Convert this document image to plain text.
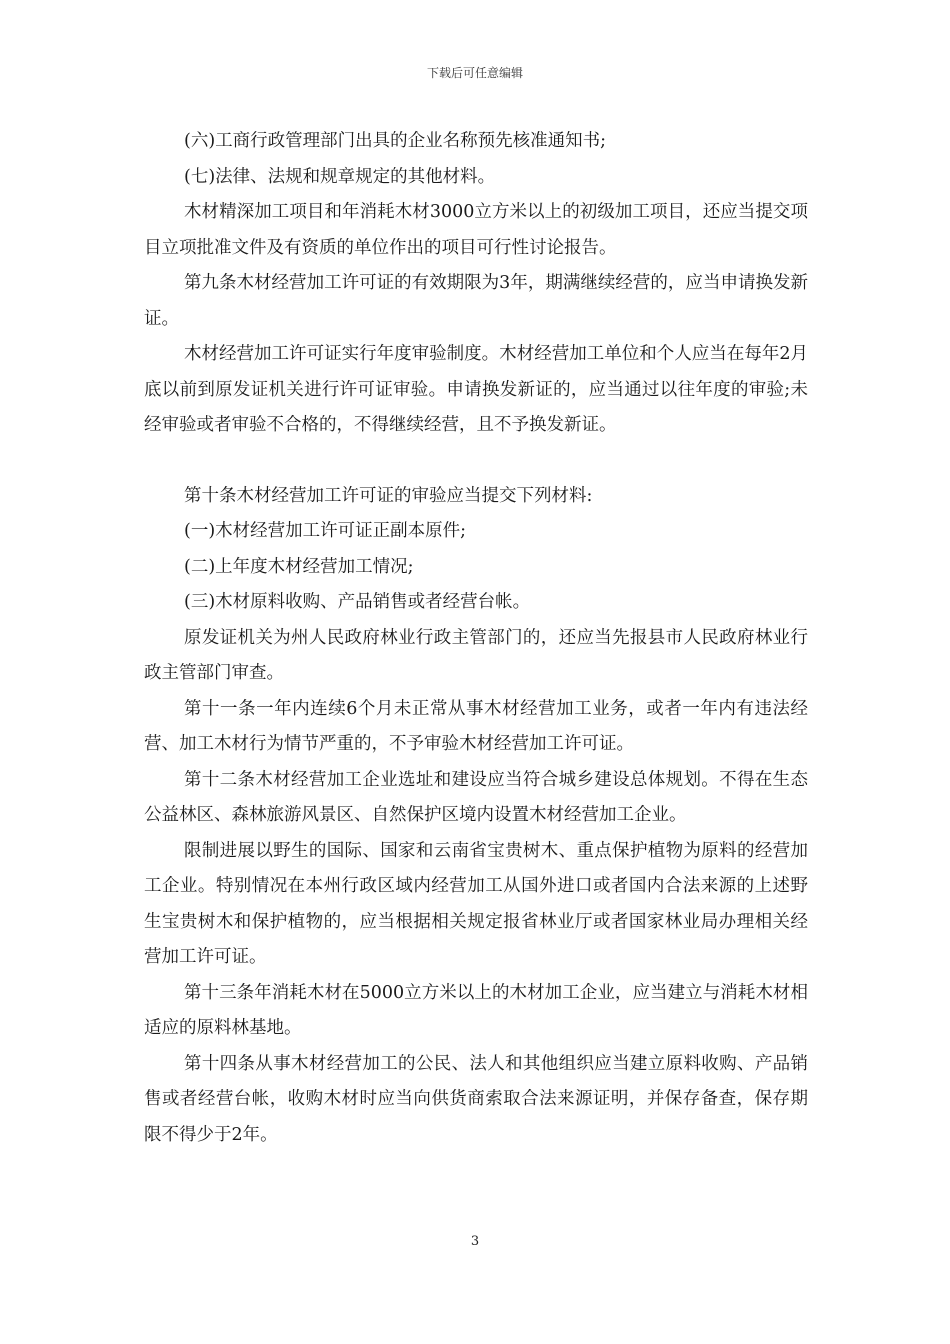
下载后可任意编辑

(六)工商行政管理部门出具的企业名称预先核准通知书;

(七)法律、法规和规章规定的其他材料。

木材精深加工项目和年消耗木材3000立方米以上的初级加工项目，还应当提交项目立项批准文件及有资质的单位作出的项目可行性讨论报告。

第九条木材经营加工许可证的有效期限为3年，期满继续经营的，应当申请换发新证。

木材经营加工许可证实行年度审验制度。木材经营加工单位和个人应当在每年2月底以前到原发证机关进行许可证审验。申请换发新证的，应当通过以往年度的审验;未经审验或者审验不合格的，不得继续经营，且不予换发新证。

第十条木材经营加工许可证的审验应当提交下列材料:

(一)木材经营加工许可证正副本原件;

(二)上年度木材经营加工情况;

(三)木材原料收购、产品销售或者经营台帐。

原发证机关为州人民政府林业行政主管部门的，还应当先报县市人民政府林业行政主管部门审查。

第十一条一年内连续6个月未正常从事木材经营加工业务，或者一年内有违法经营、加工木材行为情节严重的，不予审验木材经营加工许可证。

第十二条木材经营加工企业选址和建设应当符合城乡建设总体规划。不得在生态公益林区、森林旅游风景区、自然保护区境内设置木材经营加工企业。

限制进展以野生的国际、国家和云南省宝贵树木、重点保护植物为原料的经营加工企业。特别情况在本州行政区域内经营加工从国外进口或者国内合法来源的上述野生宝贵树木和保护植物的，应当根据相关规定报省林业厅或者国家林业局办理相关经营加工许可证。

第十三条年消耗木材在5000立方米以上的木材加工企业，应当建立与消耗木材相适应的原料林基地。

第十四条从事木材经营加工的公民、法人和其他组织应当建立原料收购、产品销售或者经营台帐，收购木材时应当向供货商索取合法来源证明，并保存备查，保存期限不得少于2年。

3
